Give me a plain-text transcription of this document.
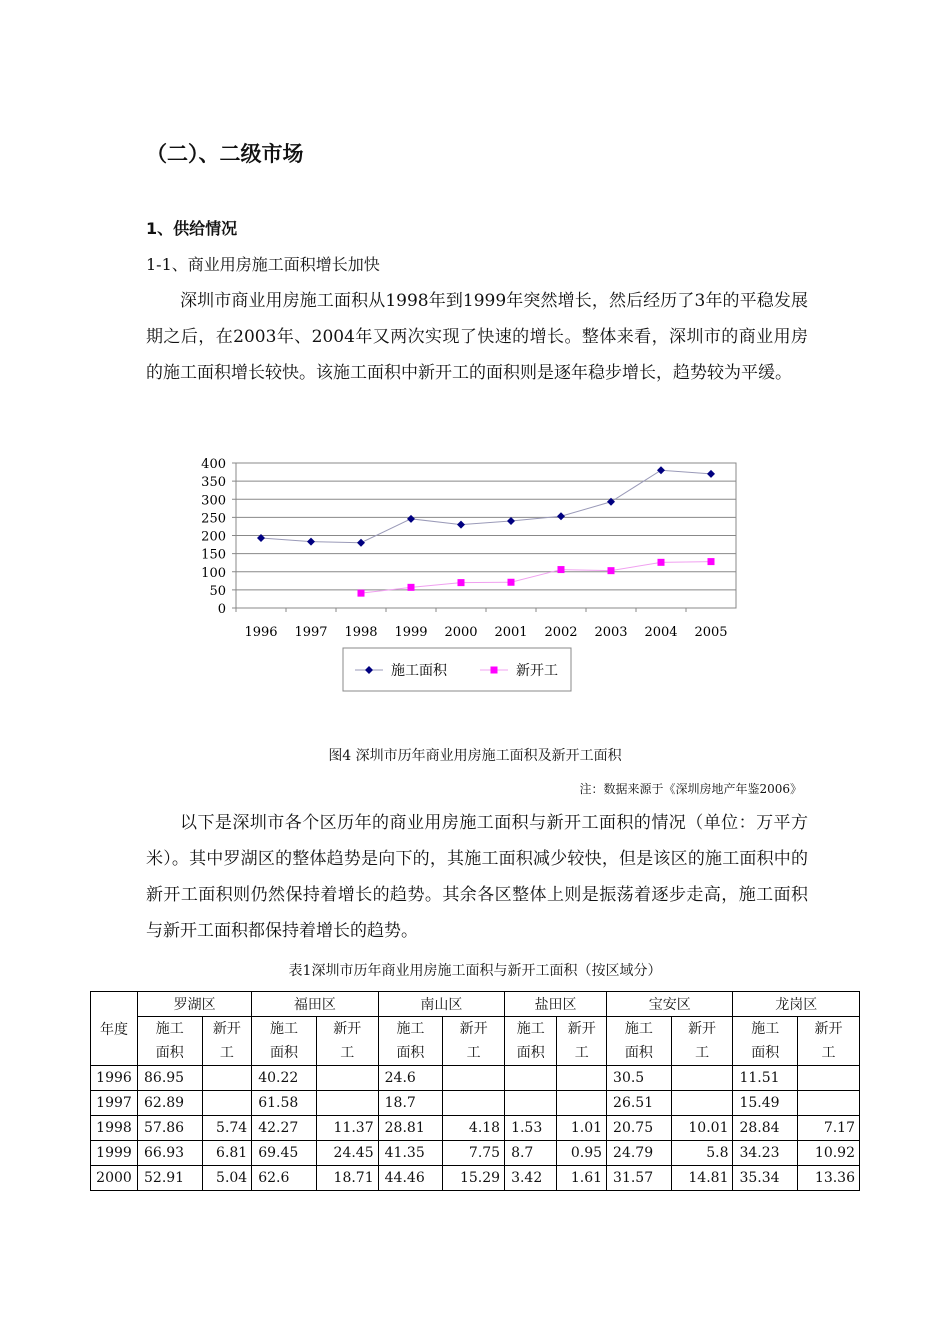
（二）、二级市场
1、供给情况
1-1、商业用房施工面积增长加快

深圳市商业用房施工面积从1998年到1999年突然增长，然后经历了3年的平稳发展期之后，在2003年、2004年又两次实现了快速的增长。整体来看，深圳市的商业用房的施工面积增长较快。该施工面积中新开工的面积则是逐年稳步增长，趋势较为平缓。

0
50
100
150
200
250
300
350
400
1996 1997 1998 1999 2000 2001 2002 2003 2004 2005
施工面积	新开工
图4 深圳市历年商业用房施工面积及新开工面积
注：数据来源于《深圳房地产年鉴2006》

以下是深圳市各个区历年的商业用房施工面积与新开工面积的情况（单位：万平方米）。其中罗湖区的整体趋势是向下的，其施工面积减少较快，但是该区的施工面积中的新开工面积则仍然保持着增长的趋势。其余各区整体上则是振荡着逐步走高，施工面积与新开工面积都保持着增长的趋势。

表1深圳市历年商业用房施工面积与新开工面积（按区域分）
年度	罗湖区		福田区		南山区		盐田区		宝安区		龙岗区	
	施工
面积	新开
工	施工
面积	新开
工	施工
面积	新开
工	施工
面积	新开
工	施工
面积	新开
工	施工
面积	新开
工
1996	86.95		40.22		24.6				30.5		11.51	
1997	62.89		61.58		18.7				26.51		15.49	
1998	57.86	5.74	42.27	11.37	28.81	4.18	1.53	1.01	20.75	10.01	28.84	7.17
1999	66.93	6.81	69.45	24.45	41.35	7.75	8.7	0.95	24.79	5.8	34.23	10.92
2000	52.91	5.04	62.6	18.71	44.46	15.29	3.42	1.61	31.57	14.81	35.34	13.36
